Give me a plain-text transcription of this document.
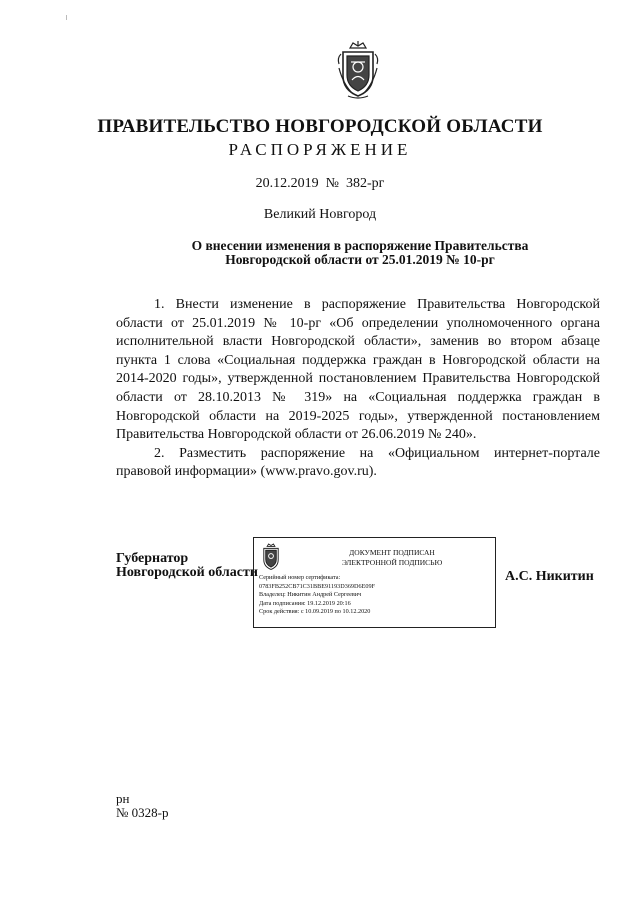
ПРАВИТЕЛЬСТВО НОВГОРОДСКОЙ ОБЛАСТИ
РАСПОРЯЖЕНИЕ
20.12.2019 № 382-рг
Великий Новгород
О внесении изменения в распоряжение Правительства
Новгородской области от 25.01.2019 № 10-рг

1. Внести изменение в распоряжение Правительства Новгородской области от 25.01.2019 № 10-рг «Об определении уполномоченного органа исполнительной власти Новгородской области», заменив во втором абзаце пункта 1 слова «Социальная поддержка граждан в Новгородской области на 2014-2020 годы», утвержденной постановлением Правительства Новгородской области от 28.10.2013 № 319» на «Социальная поддержка граждан в Новгородской области на 2019-2025 годы», утвержденной постановлением Правительства Новгородской области от 26.06.2019 № 240».

2. Разместить распоряжение на «Официальном интернет-портале правовой информации» (www.pravo.gov.ru).

Губернатор
Новгородской области
ДОКУМЕНТ ПОДПИСАН
ЭЛЕКТРОННОЙ ПОДПИСЬЮ
Серийный номер сертификата:
0783FB252CB71C31BBE91193D369D6E09F
Владелец: Никитин Андрей Сергеевич
Дата подписания: 19.12.2019 20:16
Срок действия: с 10.09.2019 по 10.12.2020
А.С. Никитин
рн
№ 0328-р
